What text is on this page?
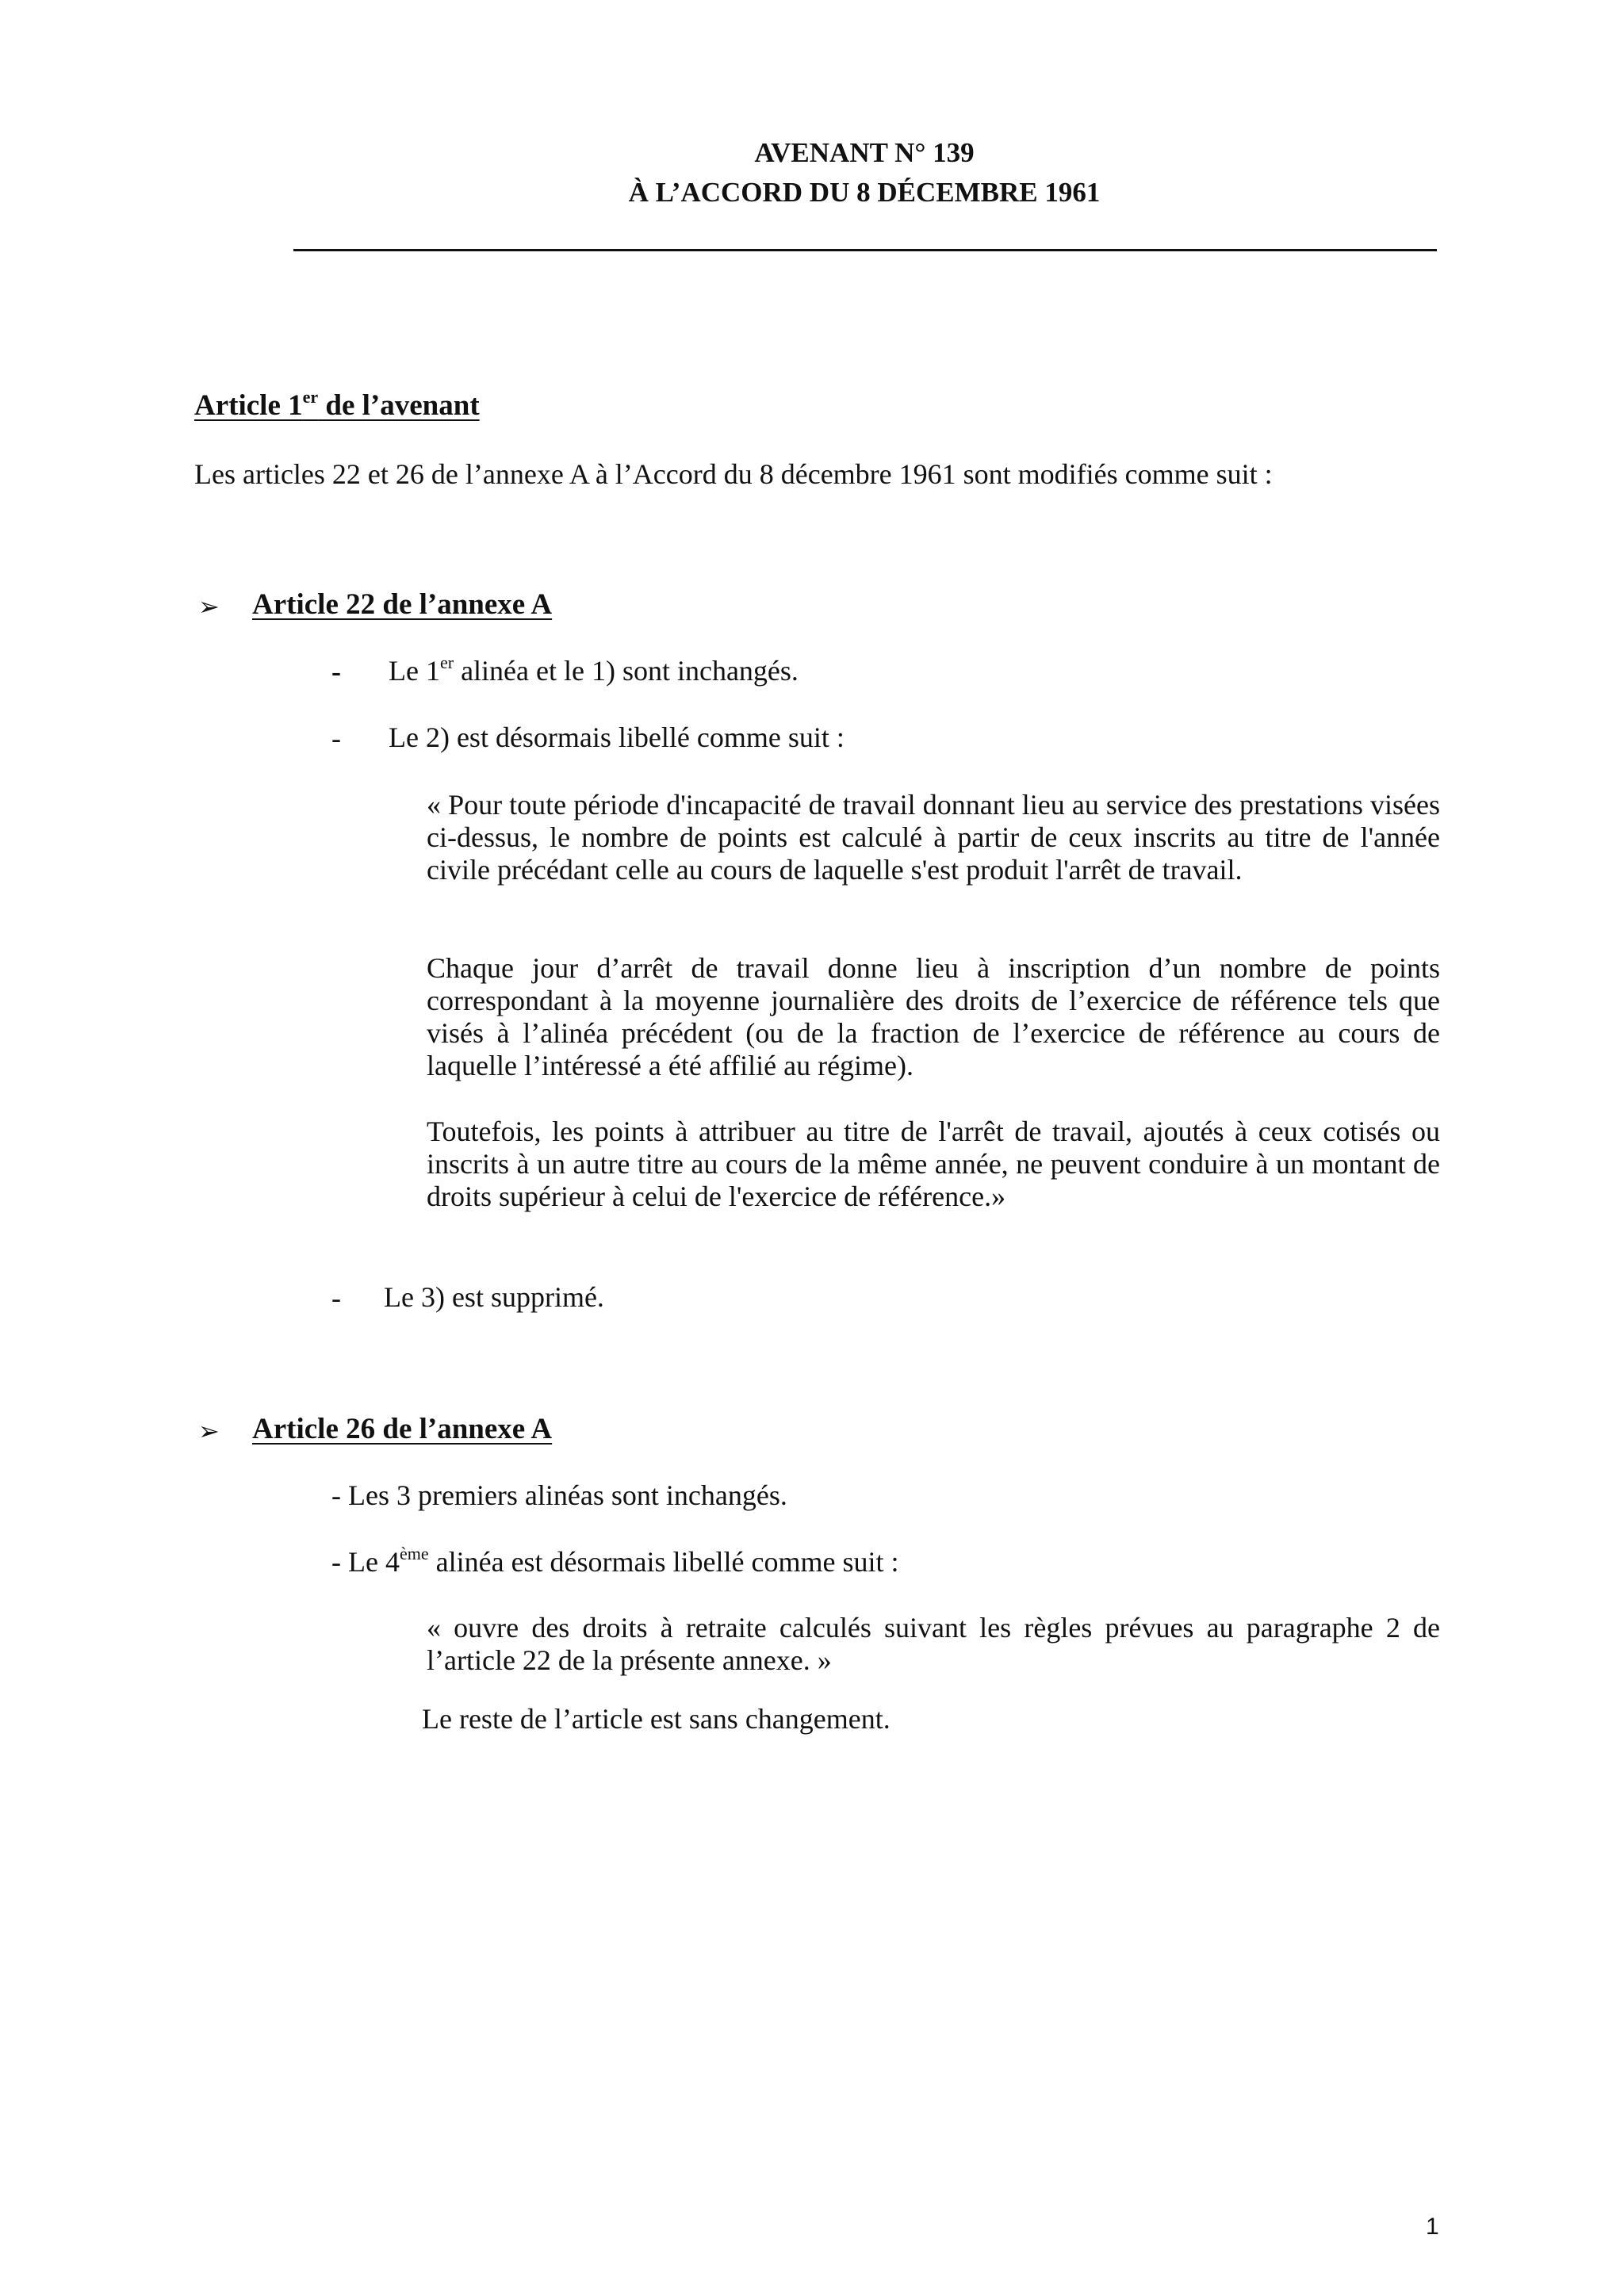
AVENANT N° 139
À L’ACCORD DU 8 DÉCEMBRE 1961
Article 1er de l’avenant
Les articles 22 et 26 de l’annexe A à l’Accord du 8 décembre 1961 sont modifiés comme suit :
➢ Article 22 de l’annexe A
- Le 1er alinéa et le 1) sont inchangés.
- Le 2) est désormais libellé comme suit :
« Pour toute période d'incapacité de travail donnant lieu au service des prestations visées ci-dessus, le nombre de points est calculé à partir de ceux inscrits au titre de l'année civile précédant celle au cours de laquelle s'est produit l'arrêt de travail.
Chaque jour d’arrêt de travail donne lieu à inscription d’un nombre de points correspondant à la moyenne journalière des droits de l’exercice de référence tels que visés à l’alinéa précédent (ou de la fraction de l’exercice de référence au cours de laquelle l’intéressé a été affilié au régime).
Toutefois, les points à attribuer au titre de l'arrêt de travail, ajoutés à ceux cotisés ou inscrits à un autre titre au cours de la même année, ne peuvent conduire à un montant de droits supérieur à celui de l'exercice de référence.»
- Le 3) est supprimé.
➢ Article 26 de l’annexe A
- Les 3 premiers alinéas sont inchangés.
- Le 4ème alinéa est désormais libellé comme suit :
« ouvre des droits à retraite calculés suivant les règles prévues au paragraphe 2 de l’article 22 de la présente annexe. »
Le reste de l’article est sans changement.
1
